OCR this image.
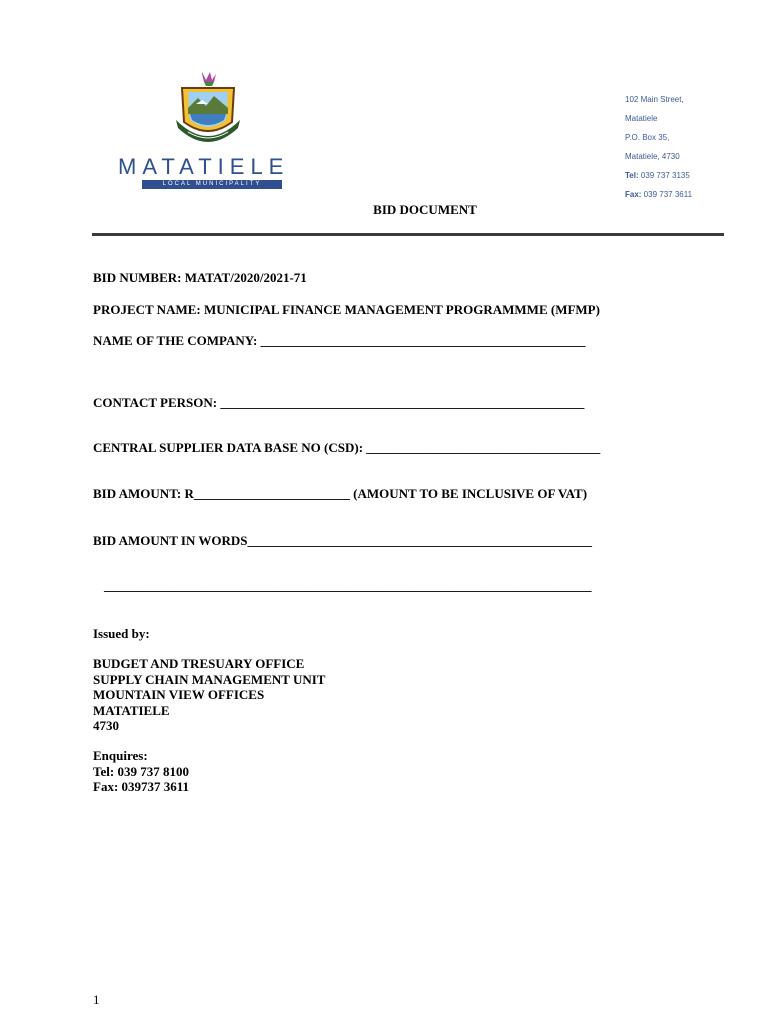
MATATIELE
LOCAL MUNICIPALITY
102 Main Street,
Matatiele
P.O. Box 35,
Matatiele, 4730
Tel: 039 737 3135
Fax: 039 737 3611
BID DOCUMENT
BID NUMBER: MATAT/2020/2021-71
PROJECT NAME: MUNICIPAL FINANCE MANAGEMENT PROGRAMMME (MFMP)
NAME OF THE COMPANY: __________________________________________________
CONTACT PERSON: ________________________________________________________
CENTRAL SUPPLIER DATA BASE NO (CSD): ____________________________________
BID AMOUNT: R________________________ (AMOUNT TO BE INCLUSIVE OF VAT)
BID AMOUNT IN WORDS_____________________________________________________
___________________________________________________________________________
Issued by:
BUDGET AND TRESUARY OFFICE
SUPPLY CHAIN MANAGEMENT UNIT
MOUNTAIN VIEW OFFICES
MATATIELE
4730
Enquires:
Tel: 039 737 8100
Fax: 039737 3611
1
